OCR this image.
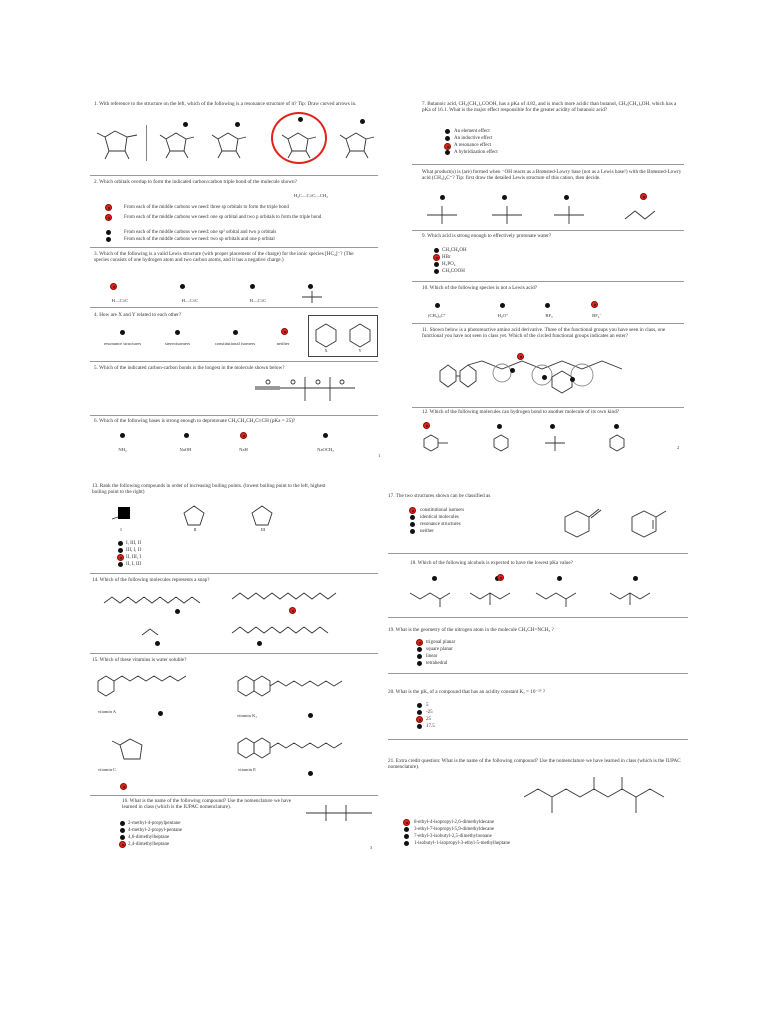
1. With reference to the structure on the left, which of the following is a resonance structure of it? Tip: Draw curved arrows in.
2. Which orbitals overlap to form the indicated carbon/carbon triple bond of the molecule shown?
H₂C—C≡C—CH₃
From each of the middle carbons we need: three sp orbitals to form the triple bond
From each of the middle carbons we need: one sp orbital and two p orbitals to form the triple bond
From each of the middle carbons we need: one sp² orbital and two p orbitals
From each of the middle carbons we need: two sp orbitals and one p orbital
3. Which of the following is a valid Lewis structure (with proper placement of the charge) for the ionic species [HC₂]⁻? (The species consists of one hydrogen atom and two carbon atoms, and it has a negative charge.)
H—C≡C	H—C≡C	H—C≡C
4. How are X and Y related to each other?
resonance structures	stereoisomers	constitutional isomers	neither
X	Y
5. Which of the indicated carbon-carbon bonds is the longest in the molecule shown below?
6. Which of the following bases is strong enough to deprotonate CH₃CH₂CH₂C≡CH (pKa = 25)?
NH₃	NaOH	NaH	NaOCH₃
1
7. Butanoic acid, CH₃(CH₂)₂COOH, has a pKa of 4.82, and is much more acidic than butanol, CH₃(CH₂)₃OH, which has a pKa of 16.1. What is the major effect responsible for the greater acidity of butanoic acid?
An element effect
An inductive effect
A resonance effect
A hybridization effect
What product(s) is (are) formed when ⁻OH reacts as a Brønsted-Lowry base (not as a Lewis base!) with the Brønsted-Lowry acid (CH₃)₃C⁺? Tip: first draw the detailed Lewis structure of this cation, then decide.
9. Which acid is strong enough to effectively protonate water?
CH₃CH₂OH
HBr
H₃PO₄
CH₃COOH
10. Which of the following species is not a Lewis acid?
(CH₃)₃C⁺	H₃O⁺	BF₃	BF₄⁻
11. Shown below is a photoreactive amino acid derivative. Three of the functional groups you have seen in class, one functional you have not seen in class yet. Which of the circled functional groups indicates an ester?
12. Which of the following molecules can hydrogen bond to another molecule of its own kind?
2
13. Rank the following compounds in order of increasing boiling points. (lowest boiling point to the left, highest boiling point to the right)
I	II	III
I, III, II
III, I, II
II, III, I
II, I, III
14. Which of the following molecules represents a soap?
15. Which of these vitamins is water soluble?
vitamin A
vitamin K₁
vitamin C	vitamin E
16. What is the name of the following compound? Use the nomenclature we have learned in class (which is the IUPAC nomenclature).
2-methyl-4-propylpentane
4-methyl-2-propyl-pentane
4,6-dimethylheptane
2,4-dimethylheptane
3
17. The two structures shown can be classified as
constitutional isomers
identical molecules
resonance structures
neither
18. Which of the following alcohols is expected to have the lowest pKa value?
19. What is the geometry of the nitrogen atom in the molecule CH₃CH=NCH₃ ?
trigonal planar
square planar
linear
tetrahedral
20. What is the pKₐ of a compound that has an acidity constant Kₐ = 10⁻²⁵ ?
5
-25
25
17.5
21. Extra credit question: What is the name of the following compound? Use the nomenclature we have learned in class (which is the IUPAC nomenclature).
8-ethyl-4-isopropyl-2,6-dimethyldecane
3-ethyl-7-isopropyl-5,9-dimethyldecane
7-ethyl-3-isobutyl-2,5-dimethylnonane
1-isobutyl-1-isopropyl-3-ethyl-5-methylheptane
